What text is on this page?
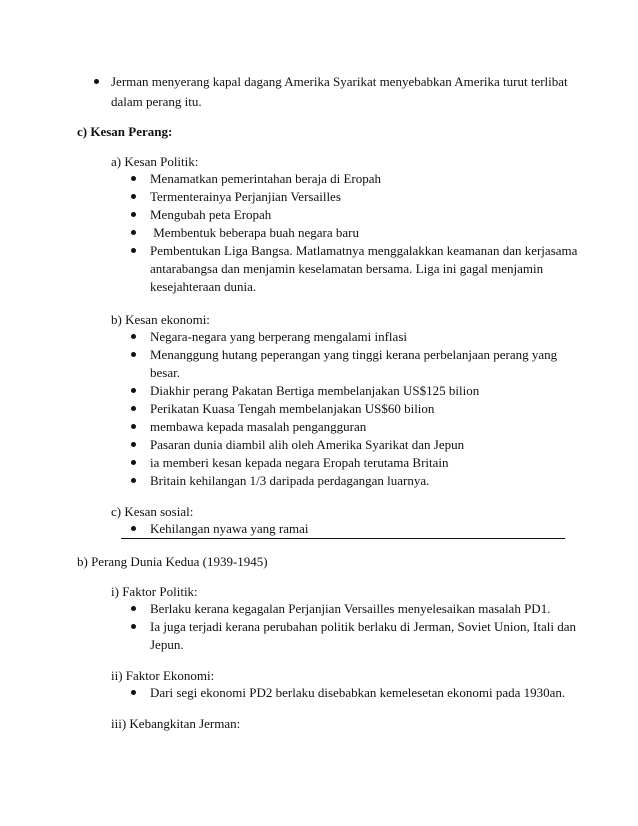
Jerman menyerang kapal dagang Amerika Syarikat menyebabkan Amerika turut terlibat
dalam perang itu.
c) Kesan Perang:
a) Kesan Politik:
Menamatkan pemerintahan beraja di Eropah
Termenterainya Perjanjian Versailles
Mengubah peta Eropah
Membentuk beberapa buah negara baru
Pembentukan Liga Bangsa. Matlamatnya menggalakkan keamanan dan kerjasama
antarabangsa dan menjamin keselamatan bersama. Liga ini gagal menjamin
kesejahteraan dunia.
b) Kesan ekonomi:
Negara-negara yang berperang mengalami inflasi
Menanggung hutang peperangan yang tinggi kerana perbelanjaan perang yang
besar.
Diakhir perang Pakatan Bertiga membelanjakan US$125 bilion
Perikatan Kuasa Tengah membelanjakan US$60 bilion
membawa kepada masalah pengangguran
Pasaran dunia diambil alih oleh Amerika Syarikat dan Jepun
ia memberi kesan kepada negara Eropah terutama Britain
Britain kehilangan 1/3 daripada perdagangan luarnya.
c) Kesan sosial:
Kehilangan nyawa yang ramai
b) Perang Dunia Kedua (1939-1945)
i) Faktor Politik:
Berlaku kerana kegagalan Perjanjian Versailles menyelesaikan masalah PD1.
Ia juga terjadi kerana perubahan politik berlaku di Jerman, Soviet Union, Itali dan
Jepun.
ii) Faktor Ekonomi:
Dari segi ekonomi PD2 berlaku disebabkan kemelesetan ekonomi pada 1930an.
iii) Kebangkitan Jerman:
